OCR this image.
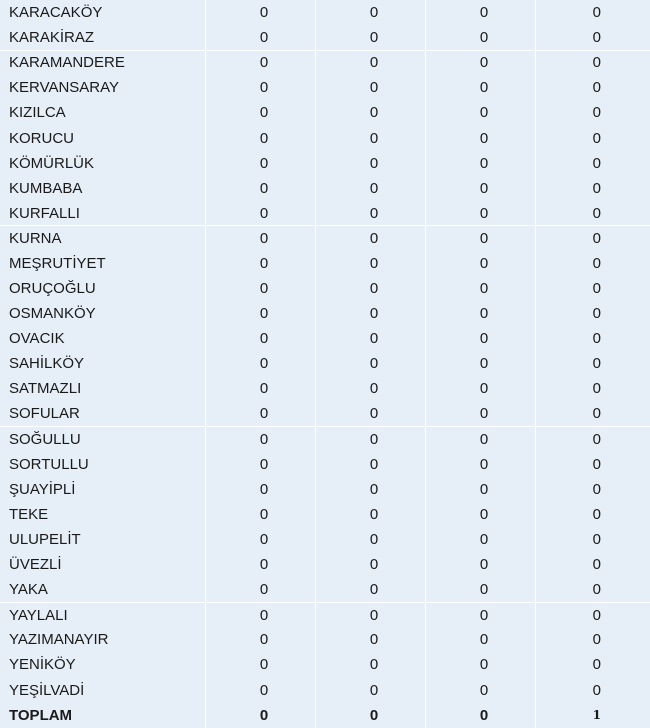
KARACAKÖY	0	0	0	0
KARAKİRAZ	0	0	0	0
KARAMANDERE	0	0	0	0
KERVANSARAY	0	0	0	0
KIZILCA	0	0	0	0
KORUCU	0	0	0	0
KÖMÜRLÜK	0	0	0	0
KUMBABA	0	0	0	0
KURFALLI	0	0	0	0
KURNA	0	0	0	0
MEŞRUTİYET	0	0	0	0
ORUÇOĞLU	0	0	0	0
OSMANKÖY	0	0	0	0
OVACIK	0	0	0	0
SAHİLKÖY	0	0	0	0
SATMAZLI	0	0	0	0
SOFULAR	0	0	0	0
SOĞULLU	0	0	0	0
SORTULLU	0	0	0	0
ŞUAYİPLİ	0	0	0	0
TEKE	0	0	0	0
ULUPELİT	0	0	0	0
ÜVEZLİ	0	0	0	0
YAKA	0	0	0	0
YAYLALI	0	0	0	0
YAZIMANAYIR	0	0	0	0
YENİKÖY	0	0	0	0
YEŞİLVADİ	0	0	0	0
TOPLAM	0	0	0	1
